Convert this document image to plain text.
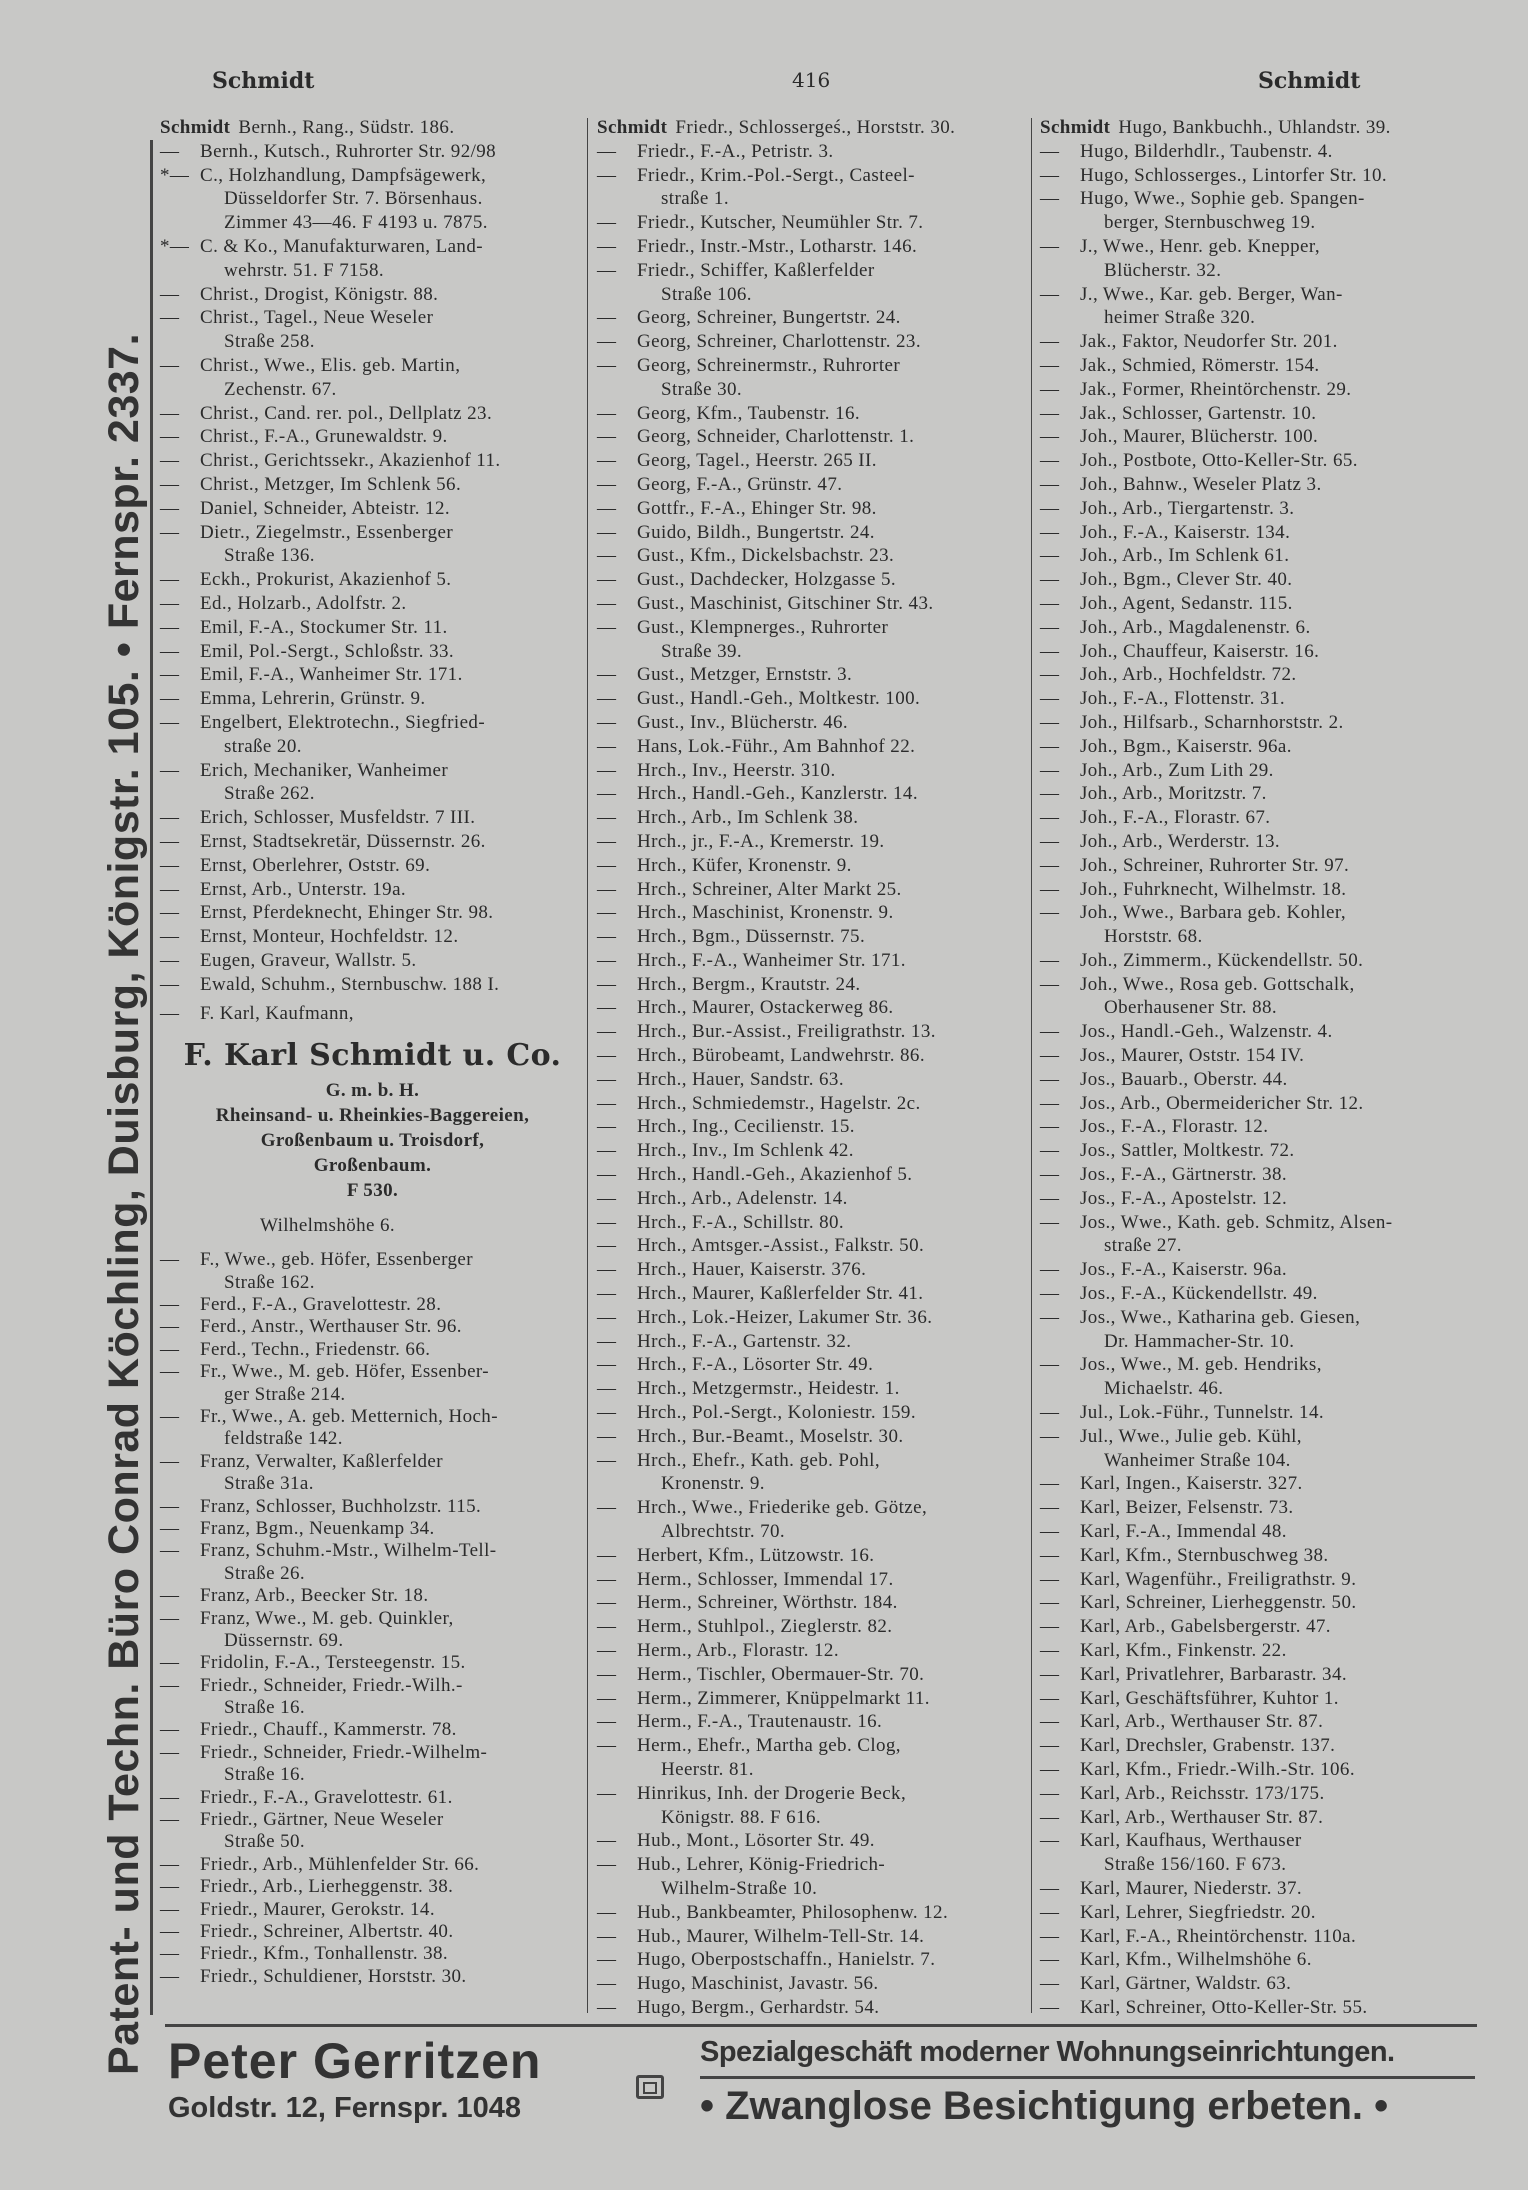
Schmidt	416	Schmidt
Patent- und Techn. Büro Conrad Köchling, Duisburg, Königstr. 105. • Fernspr. 2337.
Schmidt Bernh., Rang., Südstr. 186.
— Bernh., Kutsch., Ruhrorter Str. 92/98
*— C., Holzhandlung, Dampfsägewerk,
Düsseldorfer Str. 7. Börsenhaus.
Zimmer 43—46. F 4193 u. 7875.
*— C. & Ko., Manufakturwaren, Land-
wehrstr. 51. F 7158.
— Christ., Drogist, Königstr. 88.
— Christ., Tagel., Neue Weseler
Straße 258.
— Christ., Wwe., Elis. geb. Martin,
Zechenstr. 67.
— Christ., Cand. rer. pol., Dellplatz 23.
— Christ., F.-A., Grunewaldstr. 9.
— Christ., Gerichtssekr., Akazienhof 11.
— Christ., Metzger, Im Schlenk 56.
— Daniel, Schneider, Abteistr. 12.
— Dietr., Ziegelmstr., Essenberger
Straße 136.
— Eckh., Prokurist, Akazienhof 5.
— Ed., Holzarb., Adolfstr. 2.
— Emil, F.-A., Stockumer Str. 11.
— Emil, Pol.-Sergt., Schloßstr. 33.
— Emil, F.-A., Wanheimer Str. 171.
— Emma, Lehrerin, Grünstr. 9.
— Engelbert, Elektrotechn., Siegfried-
straße 20.
— Erich, Mechaniker, Wanheimer
Straße 262.
— Erich, Schlosser, Musfeldstr. 7 III.
— Ernst, Stadtsekretär, Düssernstr. 26.
— Ernst, Oberlehrer, Oststr. 69.
— Ernst, Arb., Unterstr. 19a.
— Ernst, Pferdeknecht, Ehinger Str. 98.
— Ernst, Monteur, Hochfeldstr. 12.
— Eugen, Graveur, Wallstr. 5.
— Ewald, Schuhm., Sternbuschw. 188 I.
— F. Karl, Kaufmann,
F. Karl Schmidt u. Co.
G. m. b. H.
Rheinsand- u. Rheinkies-Baggereien,
Großenbaum u. Troisdorf,
Großenbaum.
F 530.
Wilhelmshöhe 6.
— F., Wwe., geb. Höfer, Essenberger
Straße 162.
— Ferd., F.-A., Gravelottestr. 28.
— Ferd., Anstr., Werthauser Str. 96.
— Ferd., Techn., Friedenstr. 66.
— Fr., Wwe., M. geb. Höfer, Essenber-
ger Straße 214.
— Fr., Wwe., A. geb. Metternich, Hoch-
feldstraße 142.
— Franz, Verwalter, Kaßlerfelder
Straße 31a.
— Franz, Schlosser, Buchholzstr. 115.
— Franz, Bgm., Neuenkamp 34.
— Franz, Schuhm.-Mstr., Wilhelm-Tell-
Straße 26.
— Franz, Arb., Beecker Str. 18.
— Franz, Wwe., M. geb. Quinkler,
Düssernstr. 69.
— Fridolin, F.-A., Tersteegenstr. 15.
— Friedr., Schneider, Friedr.-Wilh.-
Straße 16.
— Friedr., Chauff., Kammerstr. 78.
— Friedr., Schneider, Friedr.-Wilhelm-
Straße 16.
— Friedr., F.-A., Gravelottestr. 61.
— Friedr., Gärtner, Neue Weseler
Straße 50.
— Friedr., Arb., Mühlenfelder Str. 66.
— Friedr., Arb., Lierheggenstr. 38.
— Friedr., Maurer, Gerokstr. 14.
— Friedr., Schreiner, Albertstr. 40.
— Friedr., Kfm., Tonhallenstr. 38.
— Friedr., Schuldiener, Horststr. 30.
Schmidt Friedr., Schlossergeś., Horststr. 30.
— Friedr., F.-A., Petristr. 3.
— Friedr., Krim.-Pol.-Sergt., Casteel-
straße 1.
— Friedr., Kutscher, Neumühler Str. 7.
— Friedr., Instr.-Mstr., Lotharstr. 146.
— Friedr., Schiffer, Kaßlerfelder
Straße 106.
— Georg, Schreiner, Bungertstr. 24.
— Georg, Schreiner, Charlottenstr. 23.
— Georg, Schreinermstr., Ruhrorter
Straße 30.
— Georg, Kfm., Taubenstr. 16.
— Georg, Schneider, Charlottenstr. 1.
— Georg, Tagel., Heerstr. 265 II.
— Georg, F.-A., Grünstr. 47.
— Gottfr., F.-A., Ehinger Str. 98.
— Guido, Bildh., Bungertstr. 24.
— Gust., Kfm., Dickelsbachstr. 23.
— Gust., Dachdecker, Holzgasse 5.
— Gust., Maschinist, Gitschiner Str. 43.
— Gust., Klempnerges., Ruhrorter
Straße 39.
— Gust., Metzger, Ernststr. 3.
— Gust., Handl.-Geh., Moltkestr. 100.
— Gust., Inv., Blücherstr. 46.
— Hans, Lok.-Führ., Am Bahnhof 22.
— Hrch., Inv., Heerstr. 310.
— Hrch., Handl.-Geh., Kanzlerstr. 14.
— Hrch., Arb., Im Schlenk 38.
— Hrch., jr., F.-A., Kremerstr. 19.
— Hrch., Küfer, Kronenstr. 9.
— Hrch., Schreiner, Alter Markt 25.
— Hrch., Maschinist, Kronenstr. 9.
— Hrch., Bgm., Düssernstr. 75.
— Hrch., F.-A., Wanheimer Str. 171.
— Hrch., Bergm., Krautstr. 24.
— Hrch., Maurer, Ostackerweg 86.
— Hrch., Bur.-Assist., Freiligrathstr. 13.
— Hrch., Bürobeamt, Landwehrstr. 86.
— Hrch., Hauer, Sandstr. 63.
— Hrch., Schmiedemstr., Hagelstr. 2c.
— Hrch., Ing., Cecilienstr. 15.
— Hrch., Inv., Im Schlenk 42.
— Hrch., Handl.-Geh., Akazienhof 5.
— Hrch., Arb., Adelenstr. 14.
— Hrch., F.-A., Schillstr. 80.
— Hrch., Amtsger.-Assist., Falkstr. 50.
— Hrch., Hauer, Kaiserstr. 376.
— Hrch., Maurer, Kaßlerfelder Str. 41.
— Hrch., Lok.-Heizer, Lakumer Str. 36.
— Hrch., F.-A., Gartenstr. 32.
— Hrch., F.-A., Lösorter Str. 49.
— Hrch., Metzgermstr., Heidestr. 1.
— Hrch., Pol.-Sergt., Koloniestr. 159.
— Hrch., Bur.-Beamt., Moselstr. 30.
— Hrch., Ehefr., Kath. geb. Pohl,
Kronenstr. 9.
— Hrch., Wwe., Friederike geb. Götze,
Albrechtstr. 70.
— Herbert, Kfm., Lützowstr. 16.
— Herm., Schlosser, Immendal 17.
— Herm., Schreiner, Wörthstr. 184.
— Herm., Stuhlpol., Zieglerstr. 82.
— Herm., Arb., Florastr. 12.
— Herm., Tischler, Obermauer-Str. 70.
— Herm., Zimmerer, Knüppelmarkt 11.
— Herm., F.-A., Trautenaustr. 16.
— Herm., Ehefr., Martha geb. Clog,
Heerstr. 81.
— Hinrikus, Inh. der Drogerie Beck,
Königstr. 88. F 616.
— Hub., Mont., Lösorter Str. 49.
— Hub., Lehrer, König-Friedrich-
Wilhelm-Straße 10.
— Hub., Bankbeamter, Philosophenw. 12.
— Hub., Maurer, Wilhelm-Tell-Str. 14.
— Hugo, Oberpostschaffn., Hanielstr. 7.
— Hugo, Maschinist, Javastr. 56.
— Hugo, Bergm., Gerhardstr. 54.
Schmidt Hugo, Bankbuchh., Uhlandstr. 39.
— Hugo, Bilderhdlr., Taubenstr. 4.
— Hugo, Schlosserges., Lintorfer Str. 10.
— Hugo, Wwe., Sophie geb. Spangen-
berger, Sternbuschweg 19.
— J., Wwe., Henr. geb. Knepper,
Blücherstr. 32.
— J., Wwe., Kar. geb. Berger, Wan-
heimer Straße 320.
— Jak., Faktor, Neudorfer Str. 201.
— Jak., Schmied, Römerstr. 154.
— Jak., Former, Rheintörchenstr. 29.
— Jak., Schlosser, Gartenstr. 10.
— Joh., Maurer, Blücherstr. 100.
— Joh., Postbote, Otto-Keller-Str. 65.
— Joh., Bahnw., Weseler Platz 3.
— Joh., Arb., Tiergartenstr. 3.
— Joh., F.-A., Kaiserstr. 134.
— Joh., Arb., Im Schlenk 61.
— Joh., Bgm., Clever Str. 40.
— Joh., Agent, Sedanstr. 115.
— Joh., Arb., Magdalenenstr. 6.
— Joh., Chauffeur, Kaiserstr. 16.
— Joh., Arb., Hochfeldstr. 72.
— Joh., F.-A., Flottenstr. 31.
— Joh., Hilfsarb., Scharnhorststr. 2.
— Joh., Bgm., Kaiserstr. 96a.
— Joh., Arb., Zum Lith 29.
— Joh., Arb., Moritzstr. 7.
— Joh., F.-A., Florastr. 67.
— Joh., Arb., Werderstr. 13.
— Joh., Schreiner, Ruhrorter Str. 97.
— Joh., Fuhrknecht, Wilhelmstr. 18.
— Joh., Wwe., Barbara geb. Kohler,
Horststr. 68.
— Joh., Zimmerm., Kückendellstr. 50.
— Joh., Wwe., Rosa geb. Gottschalk,
Oberhausener Str. 88.
— Jos., Handl.-Geh., Walzenstr. 4.
— Jos., Maurer, Oststr. 154 IV.
— Jos., Bauarb., Oberstr. 44.
— Jos., Arb., Obermeidericher Str. 12.
— Jos., F.-A., Florastr. 12.
— Jos., Sattler, Moltkestr. 72.
— Jos., F.-A., Gärtnerstr. 38.
— Jos., F.-A., Apostelstr. 12.
— Jos., Wwe., Kath. geb. Schmitz, Alsen-
straße 27.
— Jos., F.-A., Kaiserstr. 96a.
— Jos., F.-A., Kückendellstr. 49.
— Jos., Wwe., Katharina geb. Giesen,
Dr. Hammacher-Str. 10.
— Jos., Wwe., M. geb. Hendriks,
Michaelstr. 46.
— Jul., Lok.-Führ., Tunnelstr. 14.
— Jul., Wwe., Julie geb. Kühl,
Wanheimer Straße 104.
— Karl, Ingen., Kaiserstr. 327.
— Karl, Beizer, Felsenstr. 73.
— Karl, F.-A., Immendal 48.
— Karl, Kfm., Sternbuschweg 38.
— Karl, Wagenführ., Freiligrathstr. 9.
— Karl, Schreiner, Lierheggenstr. 50.
— Karl, Arb., Gabelsbergerstr. 47.
— Karl, Kfm., Finkenstr. 22.
— Karl, Privatlehrer, Barbarastr. 34.
— Karl, Geschäftsführer, Kuhtor 1.
— Karl, Arb., Werthauser Str. 87.
— Karl, Drechsler, Grabenstr. 137.
— Karl, Kfm., Friedr.-Wilh.-Str. 106.
— Karl, Arb., Reichsstr. 173/175.
— Karl, Arb., Werthauser Str. 87.
— Karl, Kaufhaus, Werthauser
Straße 156/160. F 673.
— Karl, Maurer, Niederstr. 37.
— Karl, Lehrer, Siegfriedstr. 20.
— Karl, F.-A., Rheintörchenstr. 110a.
— Karl, Kfm., Wilhelmshöhe 6.
— Karl, Gärtner, Waldstr. 63.
— Karl, Schreiner, Otto-Keller-Str. 55.
Peter Gerritzen
Goldstr. 12, Fernspr. 1048
Spezialgeschäft moderner Wohnungseinrichtungen.
• Zwanglose Besichtigung erbeten. •
